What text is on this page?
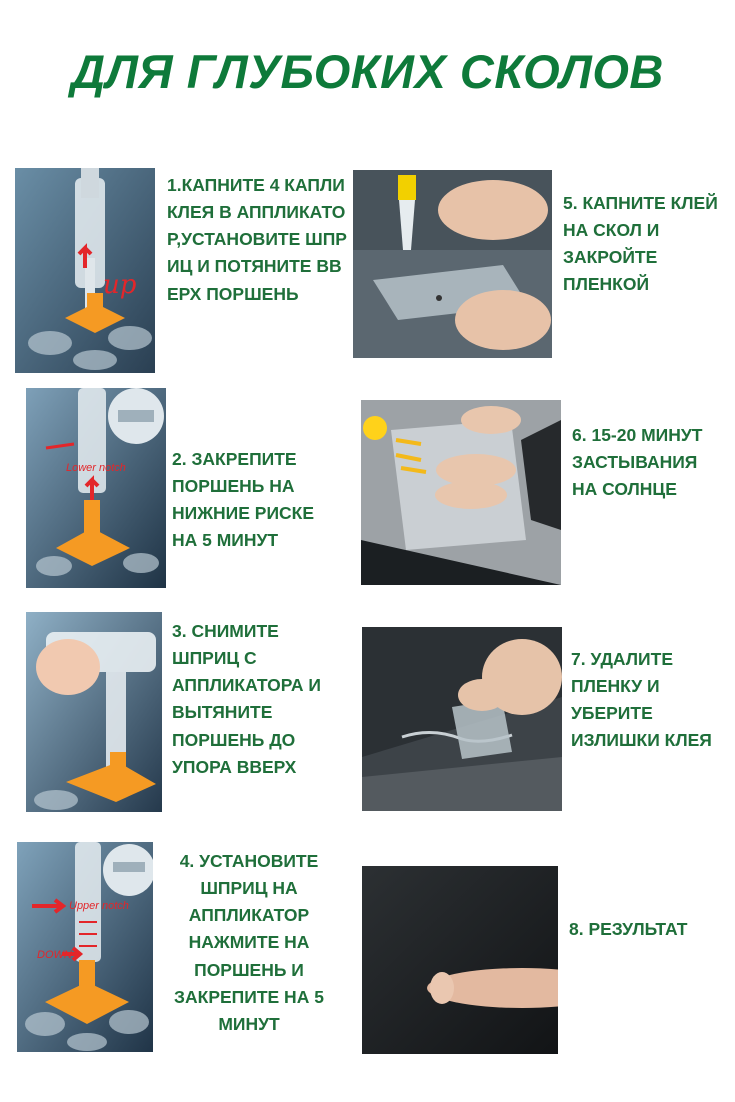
ДЛЯ ГЛУБОКИХ СКОЛОВ
up
1.КАПНИТЕ 4 КАПЛИ КЛЕЯ В АППЛИКАТОР,УСТАНОВИТЕ ШПРИЦ И ПОТЯНИТЕ ВВЕРХ ПОРШЕНЬ
Lower notch	2. ЗАКРЕПИТЕ ПОРШЕНЬ НА НИЖНИЕ РИСКЕ НА 5 МИНУТ
3. СНИМИТЕ ШПРИЦ С АППЛИКАТОРА И ВЫТЯНИТЕ ПОРШЕНЬ ДО УПОРА ВВЕРХ
Upper notch
DOWN
4. УСТАНОВИТЕ ШПРИЦ НА АППЛИКАТОР НАЖМИТЕ НА ПОРШЕНЬ И ЗАКРЕПИТЕ НА 5 МИНУТ
5. КАПНИТЕ КЛЕЙ НА СКОЛ И ЗАКРОЙТЕ ПЛЕНКОЙ
6. 15-20 МИНУТ ЗАСТЫВАНИЯ НА СОЛНЦЕ
7. УДАЛИТЕ ПЛЕНКУ И УБЕРИТЕ ИЗЛИШКИ КЛЕЯ
8. РЕЗУЛЬТАТ
